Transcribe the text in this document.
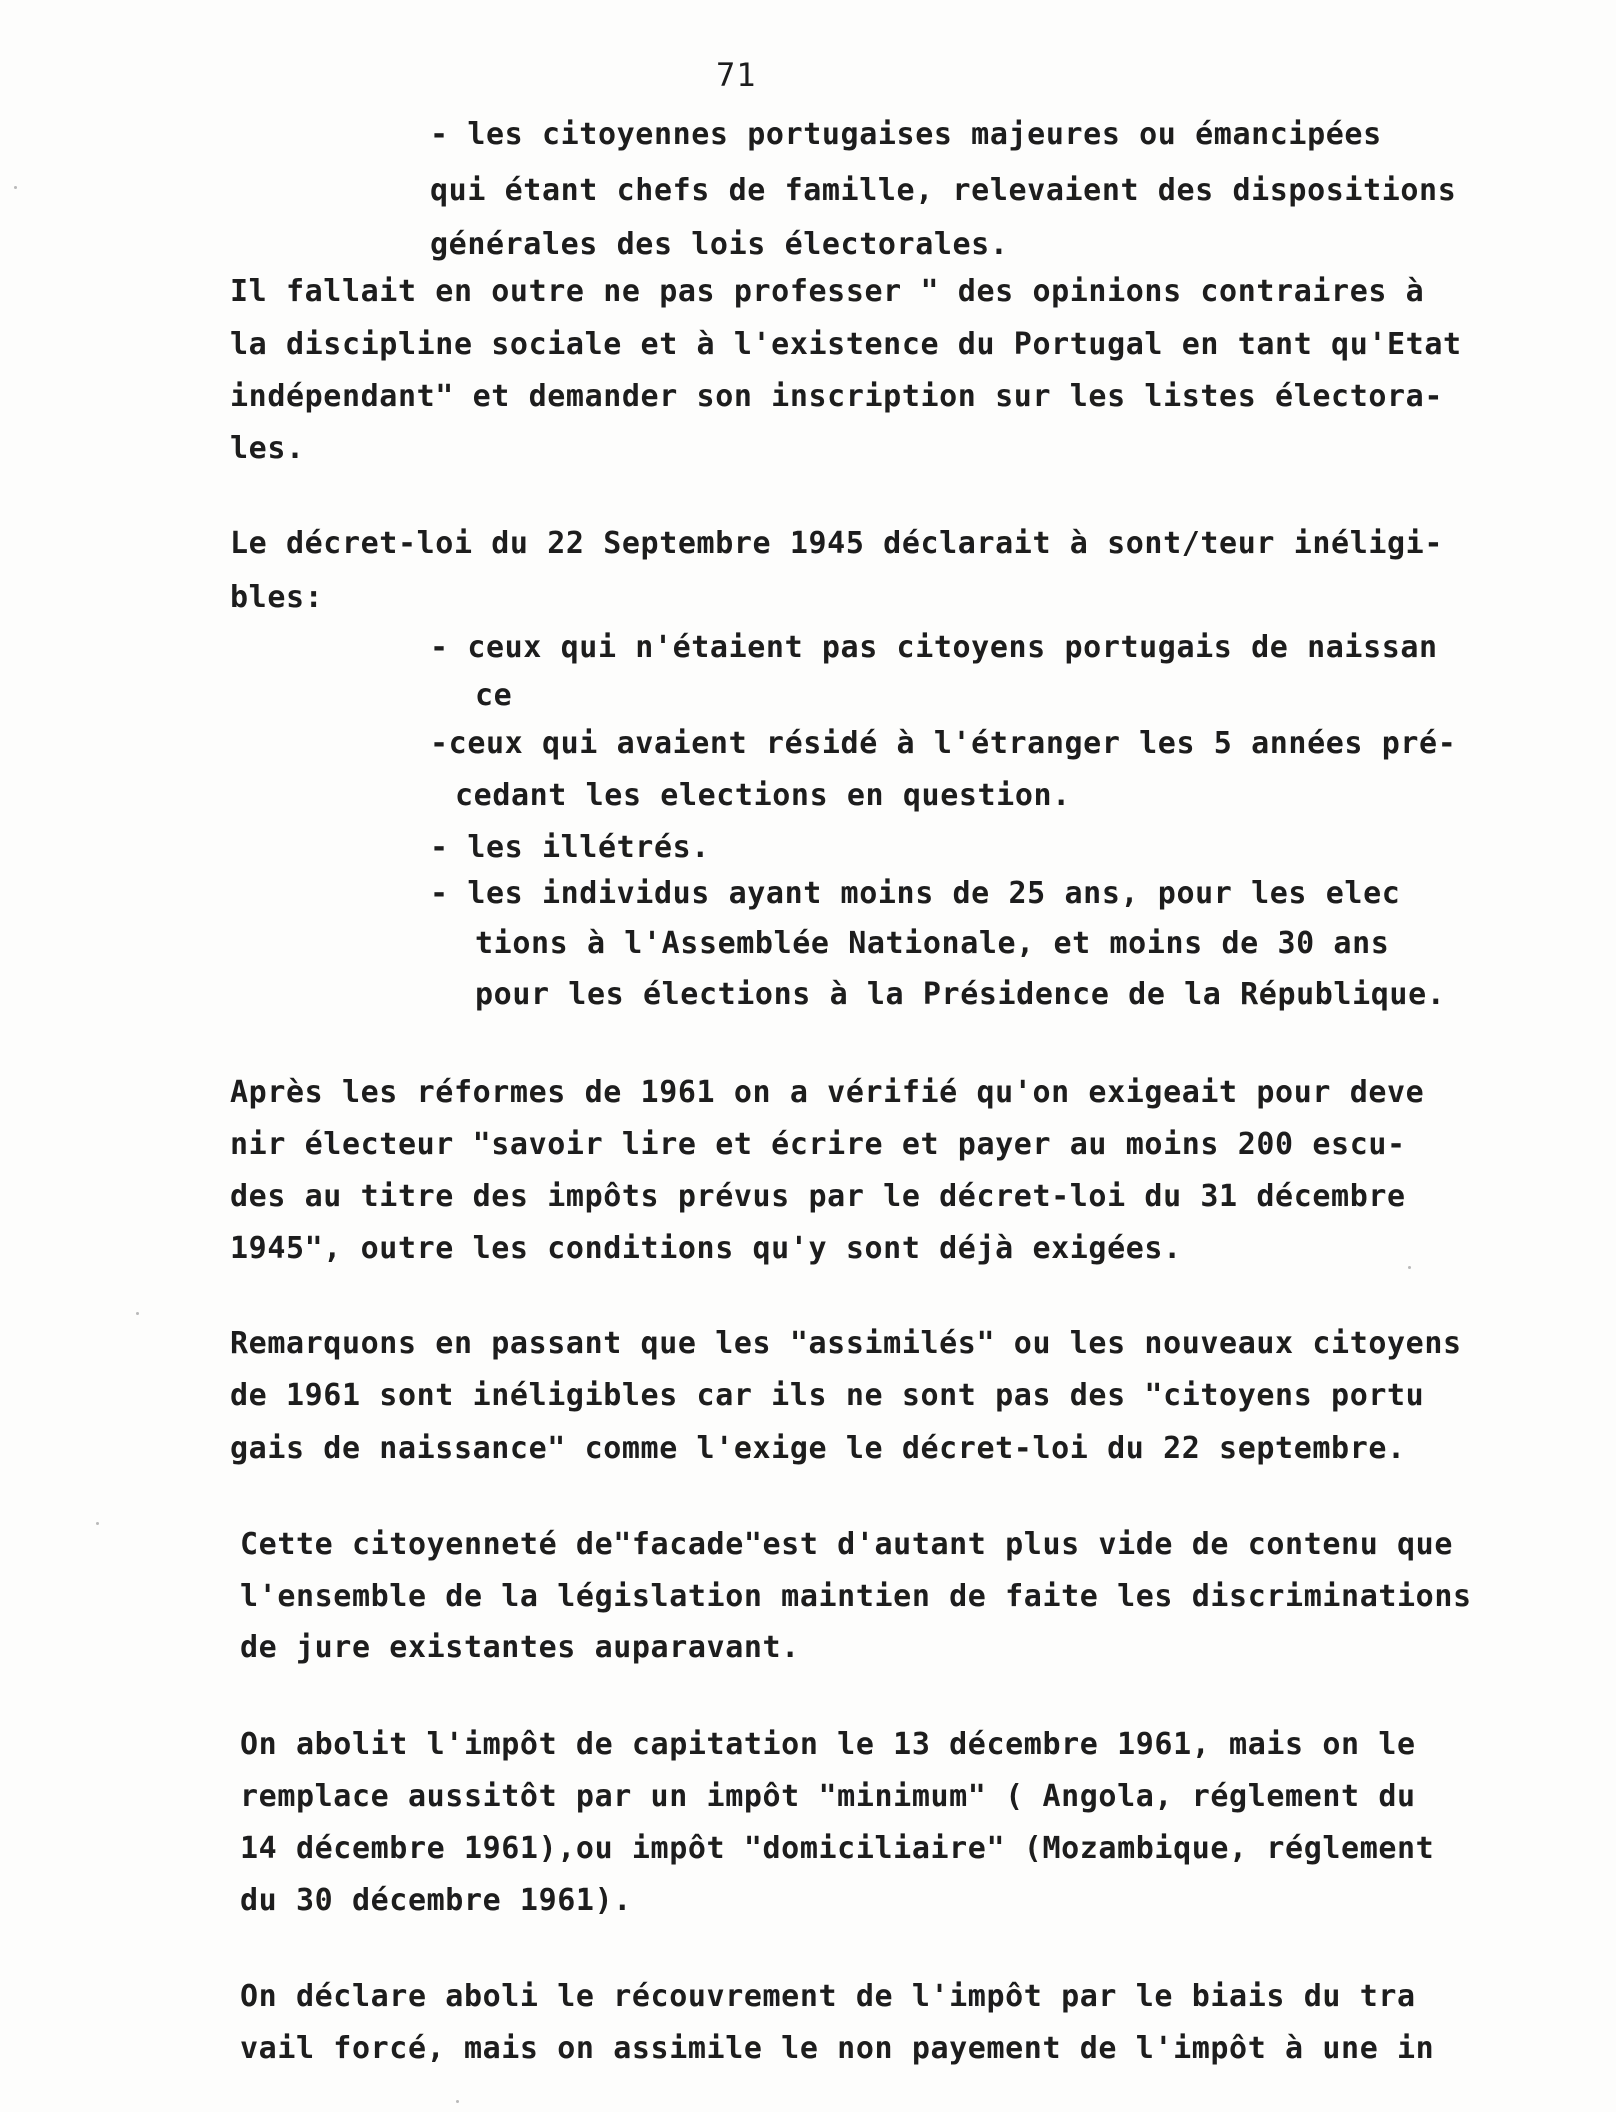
71
- les citoyennes portugaises majeures ou émancipées
qui étant chefs de famille, relevaient des dispositions
générales des lois électorales.
Il fallait en outre ne pas professer " des opinions contraires à
la discipline sociale et à l'existence du Portugal en tant qu'Etat
indépendant" et demander son inscription sur les listes électora-
les.
Le décret-loi du 22 Septembre 1945 déclarait à sont/teur inéligi-
bles:
- ceux qui n'étaient pas citoyens portugais de naissan
ce
-ceux qui avaient résidé à l'étranger les 5 années pré-
cedant les elections en question.
- les illétrés.
- les individus ayant moins de 25 ans, pour les elec
tions à l'Assemblée Nationale, et moins de 30 ans
pour les élections à la Présidence de la République.
Après les réformes de 1961 on a vérifié qu'on exigeait pour deve
nir électeur "savoir lire et écrire et payer au moins 200 escu-
des au titre des impôts prévus par le décret-loi du 31 décembre
1945", outre les conditions qu'y sont déjà exigées.
Remarquons en passant que les "assimilés" ou les nouveaux citoyens
de 1961 sont inéligibles car ils ne sont pas des "citoyens portu
gais de naissance" comme l'exige le décret-loi du 22 septembre.
Cette citoyenneté de"facade"est d'autant plus vide de contenu que
l'ensemble de la législation maintien de faite les discriminations
de jure existantes auparavant.
On abolit l'impôt de capitation le 13 décembre 1961, mais on le
remplace aussitôt par un impôt "minimum" ( Angola, réglement du
14 décembre 1961),ou impôt "domiciliaire" (Mozambique, réglement
du 30 décembre 1961).
On déclare aboli le récouvrement de l'impôt par le biais du tra
vail forcé, mais on assimile le non payement de l'impôt à une in
